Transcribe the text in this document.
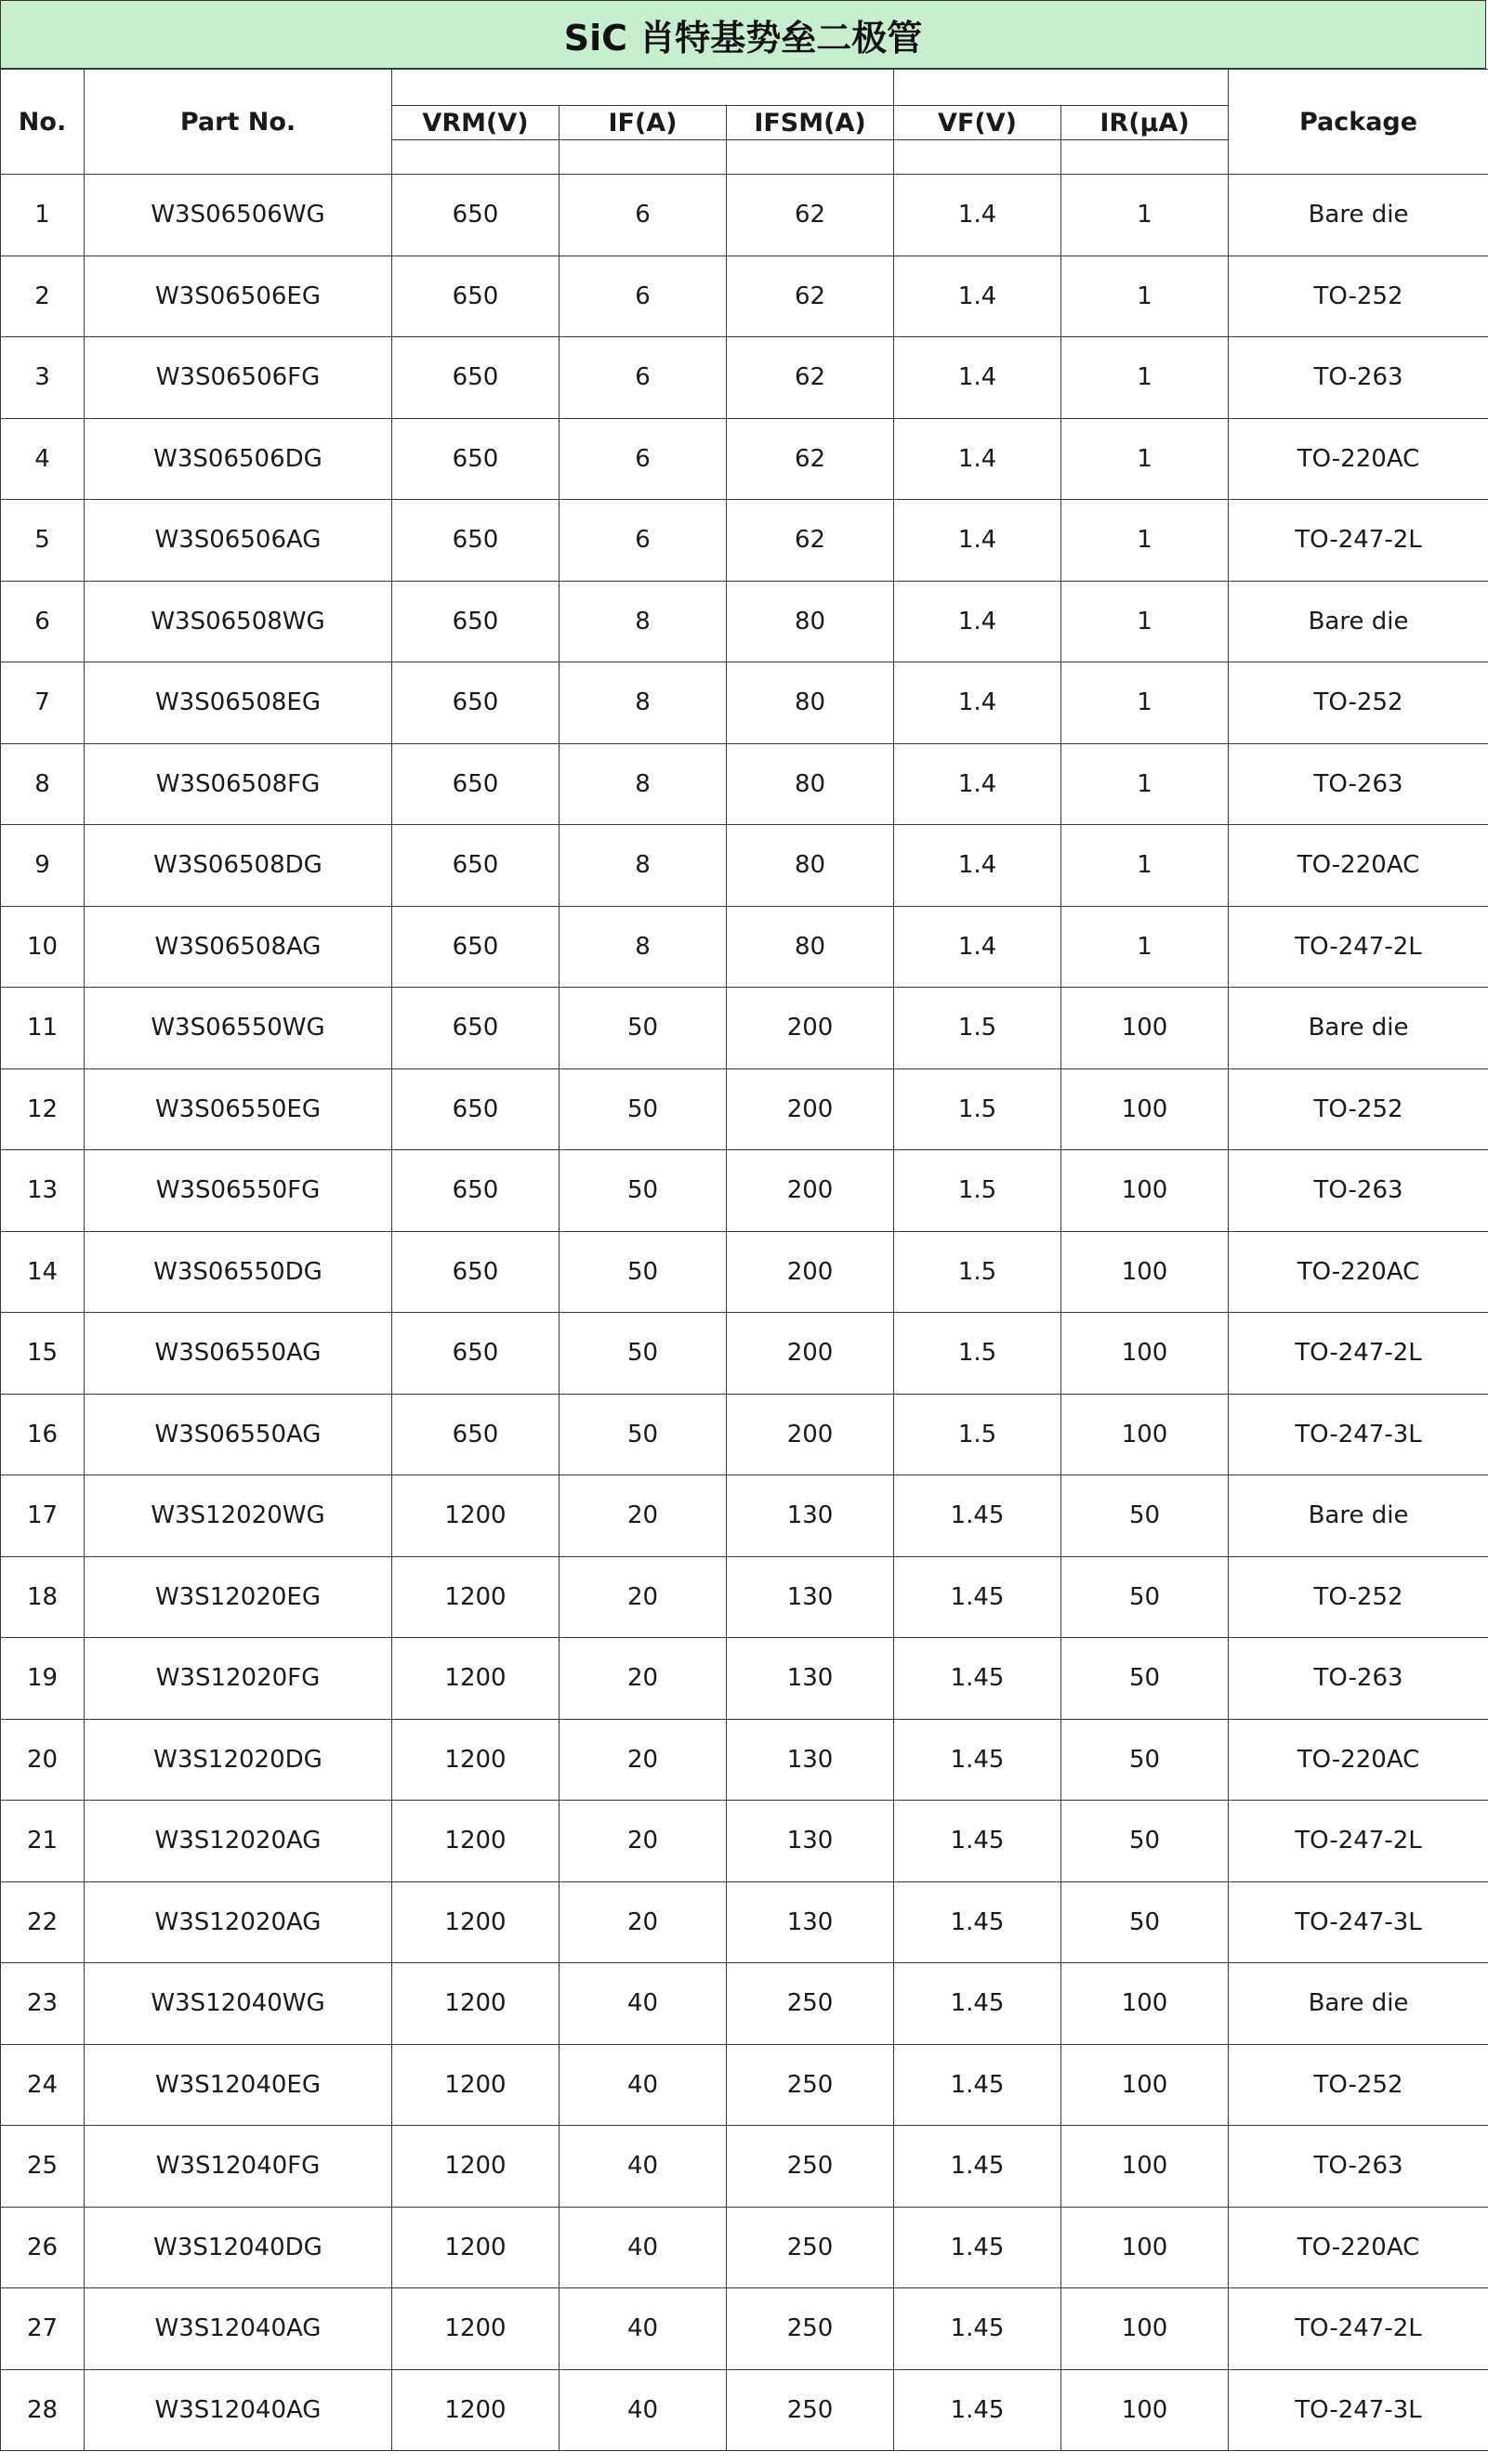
SiC 肖特基势垒二极管
No.	Part No.						Package
		VRM(V)	IF(A)	IFSM(A)	VF(V)	IR(μA)	

1	W3S06506WG	650	6	62	1.4	1	Bare die
2	W3S06506EG	650	6	62	1.4	1	TO-252
3	W3S06506FG	650	6	62	1.4	1	TO-263
4	W3S06506DG	650	6	62	1.4	1	TO-220AC
5	W3S06506AG	650	6	62	1.4	1	TO-247-2L
6	W3S06508WG	650	8	80	1.4	1	Bare die
7	W3S06508EG	650	8	80	1.4	1	TO-252
8	W3S06508FG	650	8	80	1.4	1	TO-263
9	W3S06508DG	650	8	80	1.4	1	TO-220AC
10	W3S06508AG	650	8	80	1.4	1	TO-247-2L
11	W3S06550WG	650	50	200	1.5	100	Bare die
12	W3S06550EG	650	50	200	1.5	100	TO-252
13	W3S06550FG	650	50	200	1.5	100	TO-263
14	W3S06550DG	650	50	200	1.5	100	TO-220AC
15	W3S06550AG	650	50	200	1.5	100	TO-247-2L
16	W3S06550AG	650	50	200	1.5	100	TO-247-3L
17	W3S12020WG	1200	20	130	1.45	50	Bare die
18	W3S12020EG	1200	20	130	1.45	50	TO-252
19	W3S12020FG	1200	20	130	1.45	50	TO-263
20	W3S12020DG	1200	20	130	1.45	50	TO-220AC
21	W3S12020AG	1200	20	130	1.45	50	TO-247-2L
22	W3S12020AG	1200	20	130	1.45	50	TO-247-3L
23	W3S12040WG	1200	40	250	1.45	100	Bare die
24	W3S12040EG	1200	40	250	1.45	100	TO-252
25	W3S12040FG	1200	40	250	1.45	100	TO-263
26	W3S12040DG	1200	40	250	1.45	100	TO-220AC
27	W3S12040AG	1200	40	250	1.45	100	TO-247-2L
28	W3S12040AG	1200	40	250	1.45	100	TO-247-3L
